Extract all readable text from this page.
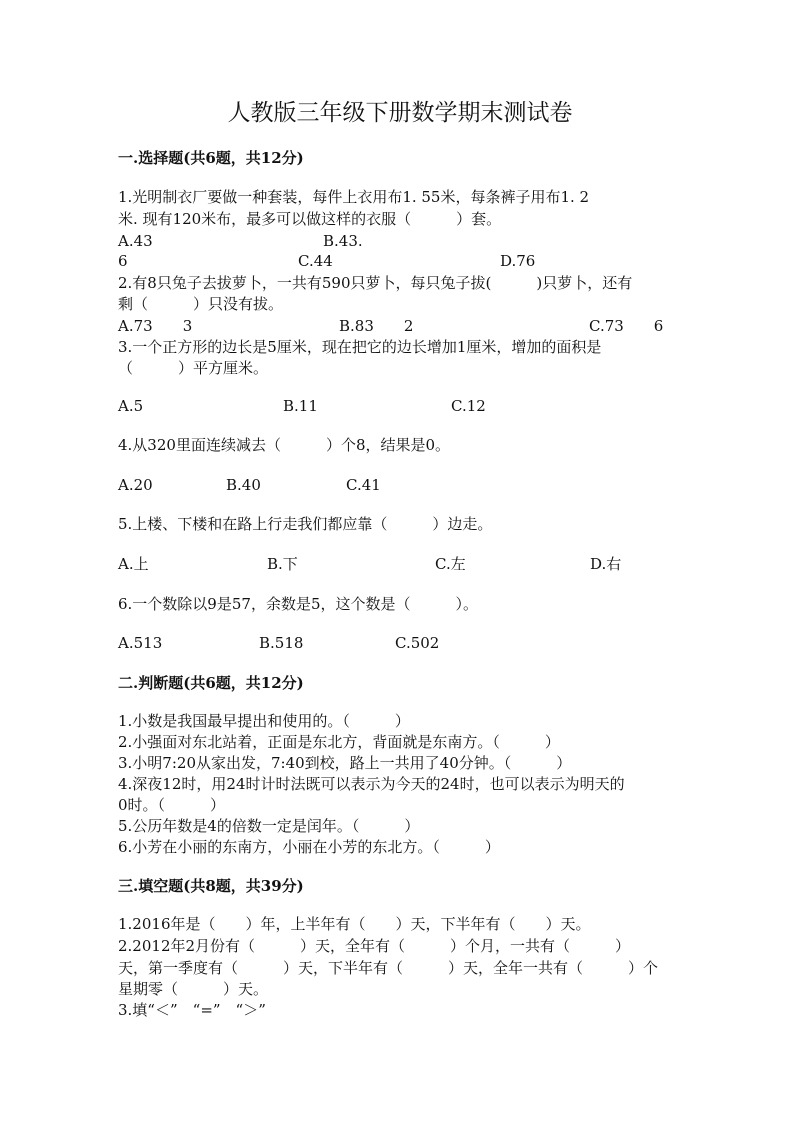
人教版三年级下册数学期末测试卷
一.选择题(共6题，共12分)
1.光明制衣厂要做一种套装，每件上衣用布1. 55米，每条裤子用布1. 2
米. 现有120米布，最多可以做这样的衣服（　　　）套。
A.43	B.43.
6	C.44	D.76
2.有8只兔子去拔萝卜，一共有590只萝卜，每只兔子拔(　　　)只萝卜，还有
剩（　　　）只没有拔。
A.73　　3	B.83　　2	C.73　　6
3.一个正方形的边长是5厘米，现在把它的边长增加1厘米，增加的面积是
（　　　）平方厘米。
A.5	B.11	C.12
4.从320里面连续减去（　　　）个8，结果是0。
A.20	B.40	C.41
5.上楼、下楼和在路上行走我们都应靠（　　　）边走。
A.上	B.下	C.左	D.右
6.一个数除以9是57，余数是5，这个数是（　　　）。
A.513	B.518	C.502
二.判断题(共6题，共12分)
1.小数是我国最早提出和使用的。（　　　）
2.小强面对东北站着，正面是东北方，背面就是东南方。（　　　）
3.小明7:20从家出发，7:40到校，路上一共用了40分钟。（　　　）
4.深夜12时，用24时计时法既可以表示为今天的24时，也可以表示为明天的
0时。（　　　）
5.公历年数是4的倍数一定是闰年。（　　　）
6.小芳在小丽的东南方，小丽在小芳的东北方。（　　　）
三.填空题(共8题，共39分)
1.2016年是（　　）年，上半年有（　　）天，下半年有（　　）天。
2.2012年2月份有（　　　）天，全年有（　　　）个月，一共有（　　　）
天，第一季度有（　　　）天，下半年有（　　　）天，全年一共有（　　　）个
星期零（　　　）天。
3.填“＜”　“=”　“＞”
